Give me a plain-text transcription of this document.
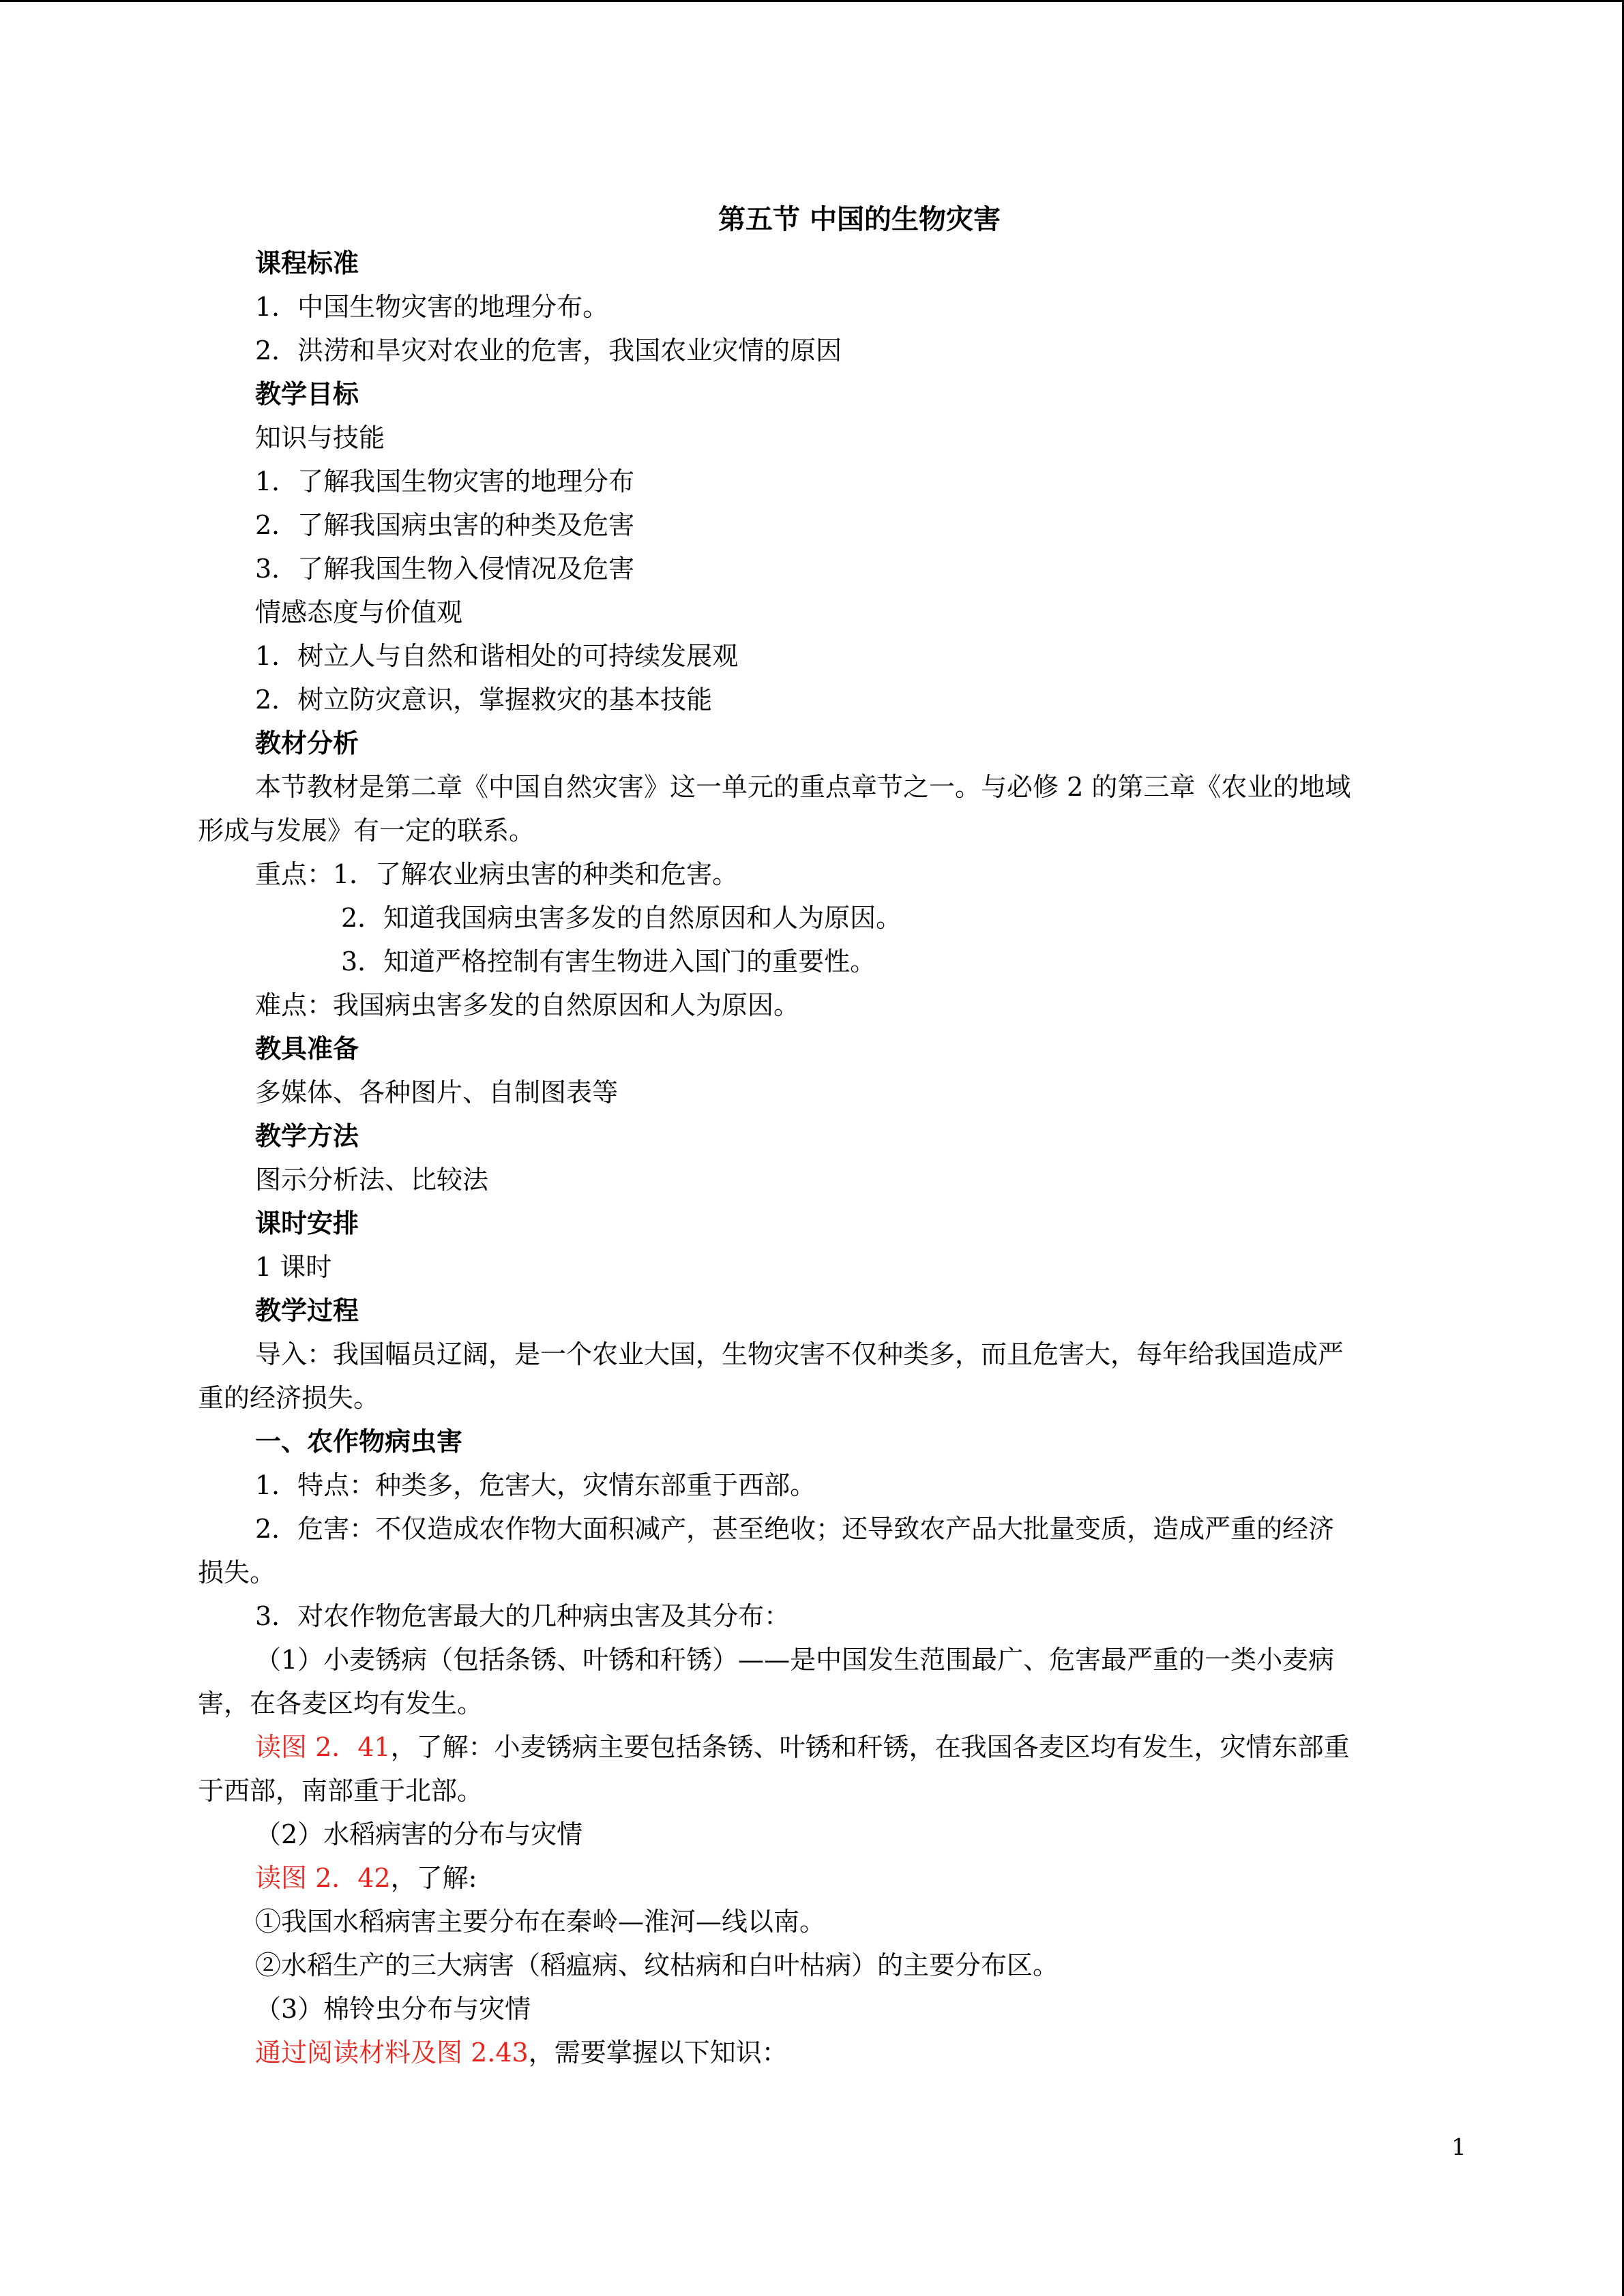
第五节 中国的生物灾害
课程标准
1．中国生物灾害的地理分布。
2．洪涝和旱灾对农业的危害，我国农业灾情的原因
教学目标
知识与技能
1．了解我国生物灾害的地理分布
2．了解我国病虫害的种类及危害
3．了解我国生物入侵情况及危害
情感态度与价值观
1．树立人与自然和谐相处的可持续发展观
2．树立防灾意识，掌握救灾的基本技能
教材分析
本节教材是第二章《中国自然灾害》这一单元的重点章节之一。与必修 2 的第三章《农业的地域
形成与发展》有一定的联系。
重点：1．了解农业病虫害的种类和危害。
2．知道我国病虫害多发的自然原因和人为原因。
3．知道严格控制有害生物进入国门的重要性。
难点：我国病虫害多发的自然原因和人为原因。
教具准备
多媒体、各种图片、自制图表等
教学方法
图示分析法、比较法
课时安排
1 课时
教学过程
导入：我国幅员辽阔，是一个农业大国，生物灾害不仅种类多，而且危害大，每年给我国造成严
重的经济损失。
一、农作物病虫害
1．特点：种类多，危害大，灾情东部重于西部。
2．危害：不仅造成农作物大面积减产，甚至绝收；还导致农产品大批量变质，造成严重的经济
损失。
3．对农作物危害最大的几种病虫害及其分布：
（1）小麦锈病（包括条锈、叶锈和秆锈）——是中国发生范围最广、危害最严重的一类小麦病
害，在各麦区均有发生。
读图 2．41，了解：小麦锈病主要包括条锈、叶锈和秆锈，在我国各麦区均有发生，灾情东部重
于西部，南部重于北部。
（2）水稻病害的分布与灾情
读图 2．42，了解:
①我国水稻病害主要分布在秦岭—淮河—线以南。
②水稻生产的三大病害（稻瘟病、纹枯病和白叶枯病）的主要分布区。
（3）棉铃虫分布与灾情
通过阅读材料及图 2.43，需要掌握以下知识：
1
